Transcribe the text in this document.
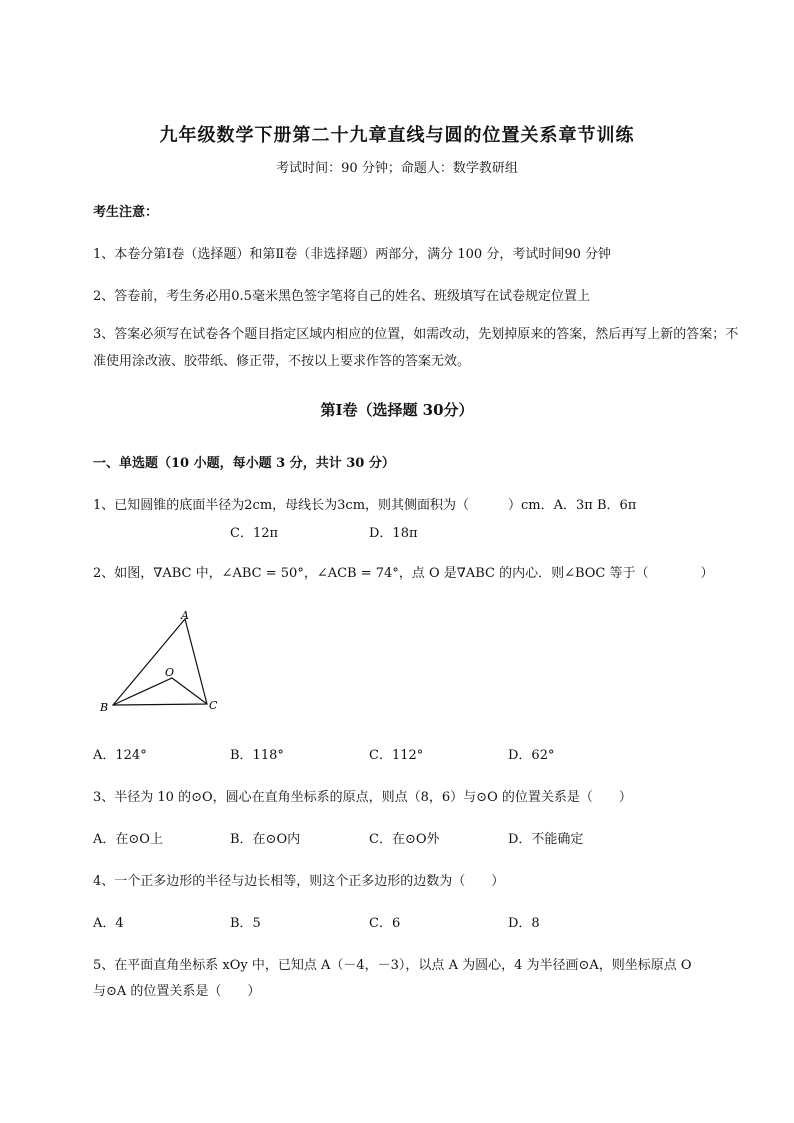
九年级数学下册第二十九章直线与圆的位置关系章节训练
考试时间：90 分钟；命题人：数学教研组
考生注意：
1、本卷分第Ⅰ卷（选择题）和第Ⅱ卷（非选择题）两部分，满分 100 分，考试时间90 分钟
2、答卷前，考生务必用0.5毫米黑色签字笔将自己的姓名、班级填写在试卷规定位置上
3、答案必须写在试卷各个题目指定区域内相应的位置，如需改动，先划掉原来的答案，然后再写上新的答案；不准使用涂改液、胶带纸、修正带，不按以上要求作答的答案无效。
第Ⅰ卷（选择题 30分）
一、单选题（10 小题，每小题 3 分，共计 30 分）
1、已知圆锥的底面半径为2cm，母线长为3cm，则其侧面积为（　　　）cm．A．3π B．6π
C．12π	D．18π
2、如图，∇ABC 中，∠ABC = 50°，∠ACB = 74°，点 O 是∇ABC 的内心．则∠BOC 等于（　　　　）
A
B	C
O
A．124°	B．118°	C．112°	D．62°
3、半径为 10 的⊙O，圆心在直角坐标系的原点，则点（8，6）与⊙O 的位置关系是（　　）
A．在⊙O上	B．在⊙O内	C．在⊙O外	D．不能确定
4、一个正多边形的半径与边长相等，则这个正多边形的边数为（　　）
A．4	B．5	C．6	D．8
5、在平面直角坐标系 xOy 中，已知点 A（－4，－3），以点 A 为圆心，4 为半径画⊙A，则坐标原点 O
与⊙A 的位置关系是（　　）
